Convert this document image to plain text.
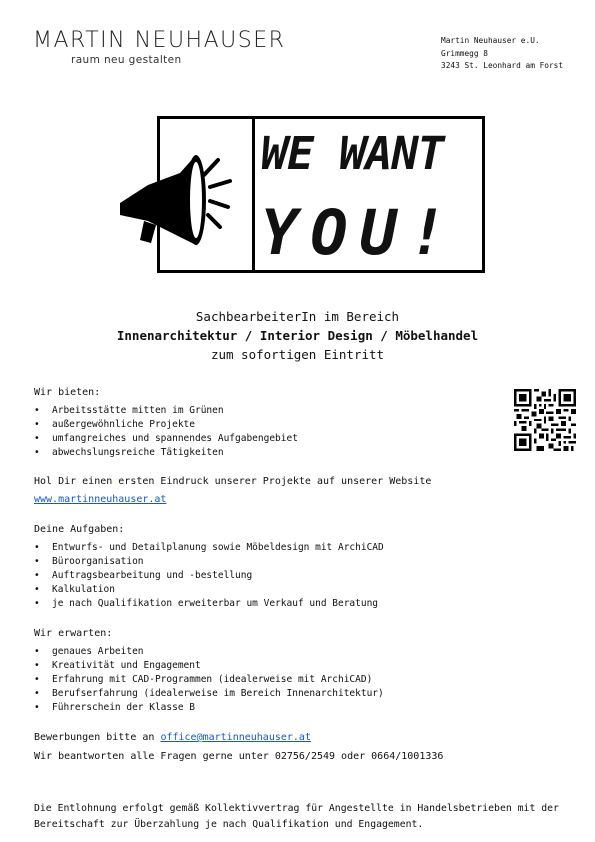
MARTIN NEUHAUSER
raum neu gestalten
Martin Neuhauser e.U.
Grimmegg 8
3243 St. Leonhard am Forst
WE WANT
YOU!
SachbearbeiterIn im Bereich
Innenarchitektur / Interior Design / Möbelhandel
zum sofortigen Eintritt
Wir bieten:
• Arbeitsstätte mitten im Grünen
• außergewöhnliche Projekte
• umfangreiches und spannendes Aufgabengebiet
• abwechslungsreiche Tätigkeiten
Hol Dir einen ersten Eindruck unserer Projekte auf unserer Website
www.martinneuhauser.at
Deine Aufgaben:
• Entwurfs- und Detailplanung sowie Möbeldesign mit ArchiCAD
• Büroorganisation
• Auftragsbearbeitung und -bestellung
• Kalkulation
• je nach Qualifikation erweiterbar um Verkauf und Beratung
Wir erwarten:
• genaues Arbeiten
• Kreativität und Engagement
• Erfahrung mit CAD-Programmen (idealerweise mit ArchiCAD)
• Berufserfahrung (idealerweise im Bereich Innenarchitektur)
• Führerschein der Klasse B
Bewerbungen bitte an office@martinneuhauser.at
Wir beantworten alle Fragen gerne unter 02756/2549 oder 0664/1001336
Die Entlohnung erfolgt gemäß Kollektivvertrag für Angestellte in Handelsbetrieben mit der Bereitschaft zur Überzahlung je nach Qualifikation und Engagement.
